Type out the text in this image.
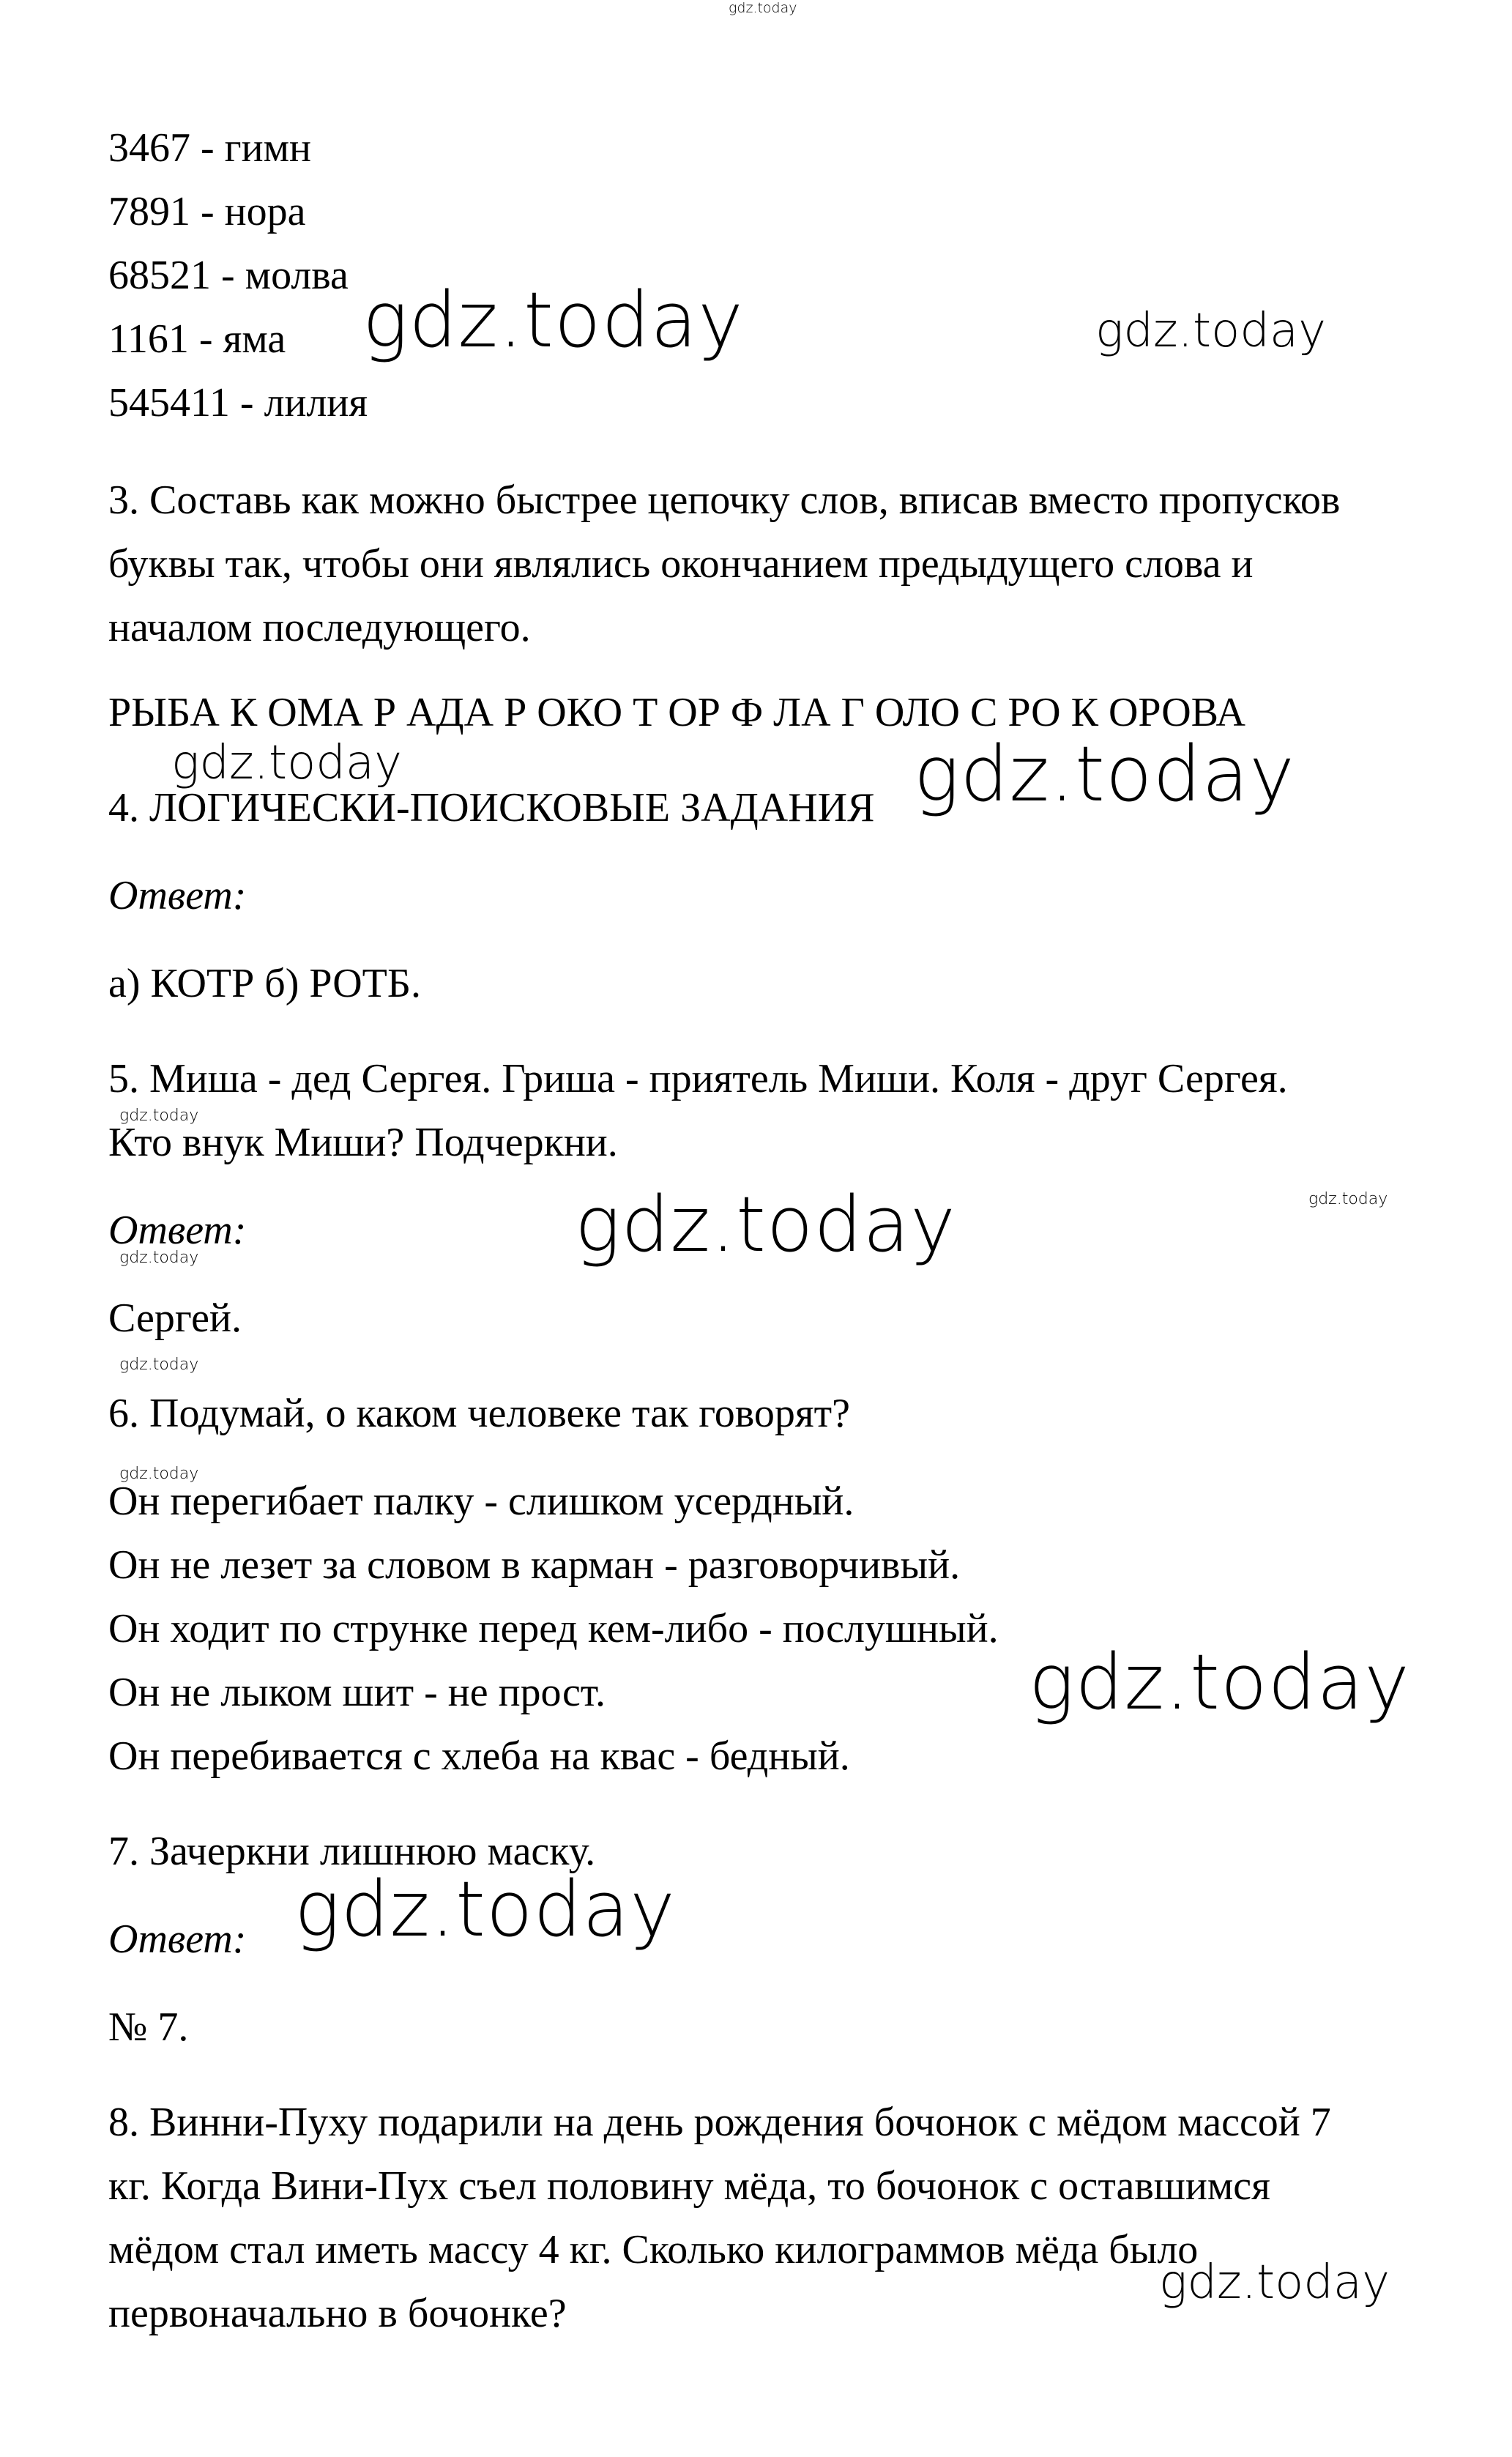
gdz.today
3467 - гимн
7891 - нора
68521 - молва
1161 - яма
545411 - лилия
3. Составь как можно быстрее цепочку слов, вписав вместо пропусков
буквы так, чтобы они являлись окончанием предыдущего слова и
началом последующего.
РЫБА К ОМА Р АДА Р ОКО Т ОР Ф ЛА Г ОЛО С РО К ОРОВА
4. ЛОГИЧЕСКИ-ПОИСКОВЫЕ ЗАДАНИЯ
Ответ:
а) КОТР б) РОТБ.
5. Миша - дед Сергея. Гриша - приятель Миши. Коля - друг Сергея.
Кто внук Миши? Подчеркни.
Ответ:
Сергей.
6. Подумай, о каком человеке так говорят?
Он перегибает палку - слишком усердный.
Он не лезет за словом в карман - разговорчивый.
Он ходит по струнке перед кем-либо - послушный.
Он не лыком шит - не прост.
Он перебивается с хлеба на квас - бедный.
7. Зачеркни лишнюю маску.
Ответ:
№ 7.
8. Винни-Пуху подарили на день рождения бочонок с мёдом массой 7
кг. Когда Вини-Пух съел половину мёда, то бочонок с оставшимся
мёдом стал иметь массу 4 кг. Сколько килограммов мёда было
первоначально в бочонке?
gdz.today	gdz.today
gdz.today	gdz.today
gdz.today
gdz.today	gdz.today
gdz.today
gdz.today
gdz.today
gdz.today
gdz.today
gdz.today
